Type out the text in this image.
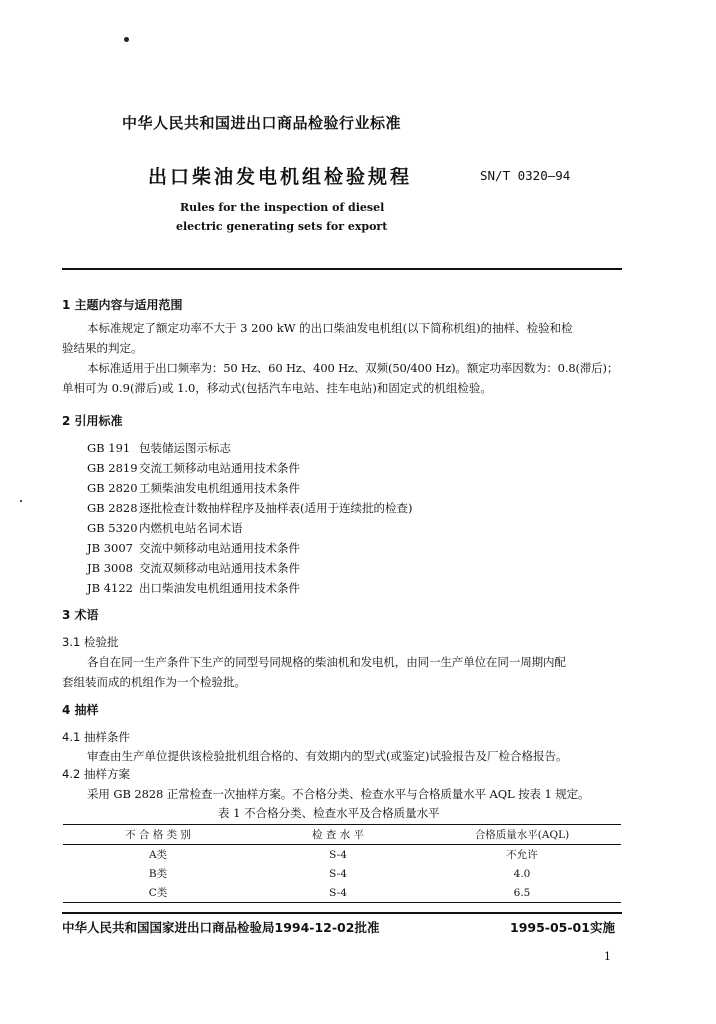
中华人民共和国进出口商品检验行业标准
出口柴油发电机组检验规程	SN/T 0320—94
Rules for the inspection of diesel
electric generating sets for export
1 主题内容与适用范围
本标准规定了额定功率不大于 3 200 kW 的出口柴油发电机组(以下简称机组)的抽样、检验和检
验结果的判定。
本标准适用于出口频率为：50 Hz、60 Hz、400 Hz、双频(50/400 Hz)。额定功率因数为：0.8(滞后)；
单相可为 0.9(滞后)或 1.0，移动式(包括汽车电站、挂车电站)和固定式的机组检验。
2 引用标准
GB 191 包装储运图示标志
GB 2819交流工频移动电站通用技术条件
GB 2820工频柴油发电机组通用技术条件
GB 2828逐批检查计数抽样程序及抽样表(适用于连续批的检查)
GB 5320内燃机电站名词术语
JB 3007 交流中频移动电站通用技术条件
JB 3008 交流双频移动电站通用技术条件
JB 4122 出口柴油发电机组通用技术条件
3 术语
3.1 检验批
各自在同一生产条件下生产的同型号同规格的柴油机和发电机，由同一生产单位在同一周期内配
套组装而成的机组作为一个检验批。
4 抽样
4.1 抽样条件
审查由生产单位提供该检验批机组合格的、有效期内的型式(或鉴定)试验报告及厂检合格报告。
4.2 抽样方案
采用 GB 2828 正常检查一次抽样方案。不合格分类、检查水平与合格质量水平 AQL 按表 1 规定。
表 1 不合格分类、检查水平及合格质量水平
不 合 格 类 别	检 查 水 平	合格质量水平(AQL)
A类	S-4	不允许
B类	S-4	4.0
C类	S-4	6.5
中华人民共和国国家进出口商品检验局1994-12-02批准	1995-05-01实施
1
